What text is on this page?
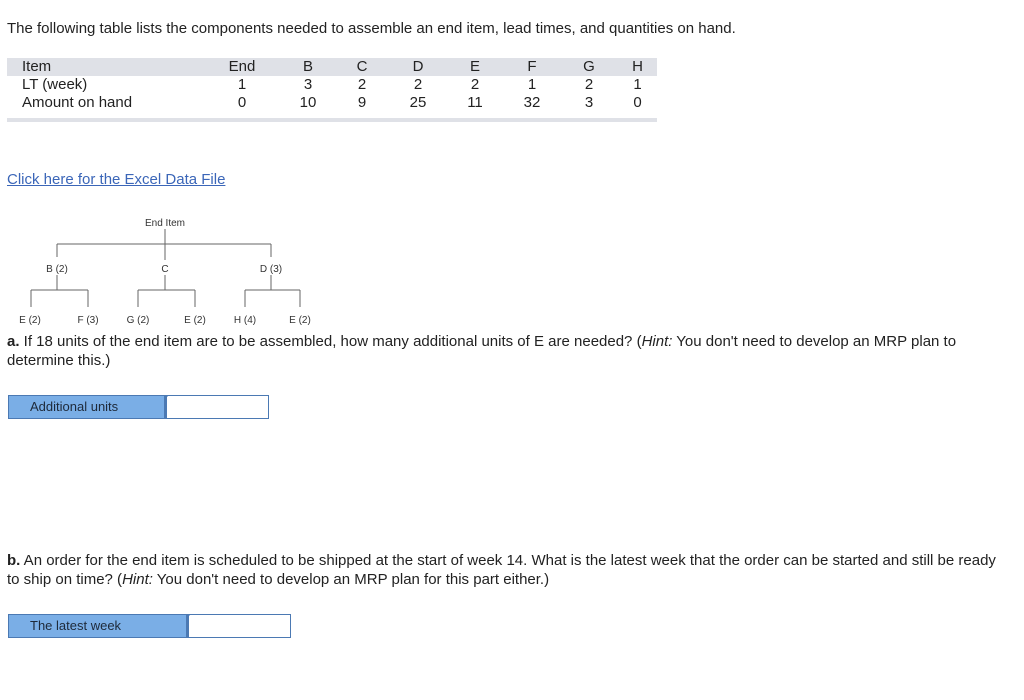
The following table lists the components needed to assemble an end item, lead times, and quantities on hand.
Item	End	B	C	D	E	F	G	H
LT (week)	1	3	2	2	2	1	2	1
Amount on hand	0	10	9	25	11	32	3	0
Click here for the Excel Data File
End Item
B (2)	C	D (3)
E (2)	F (3)	G (2)	E (2)	H (4)	E (2)
a. If 18 units of the end item are to be assembled, how many additional units of E are needed? (Hint: You don't need to develop an MRP plan to determine this.)
Additional units
b. An order for the end item is scheduled to be shipped at the start of week 14. What is the latest week that the order can be started and still be ready to ship on time? (Hint: You don't need to develop an MRP plan for this part either.)
The latest week
